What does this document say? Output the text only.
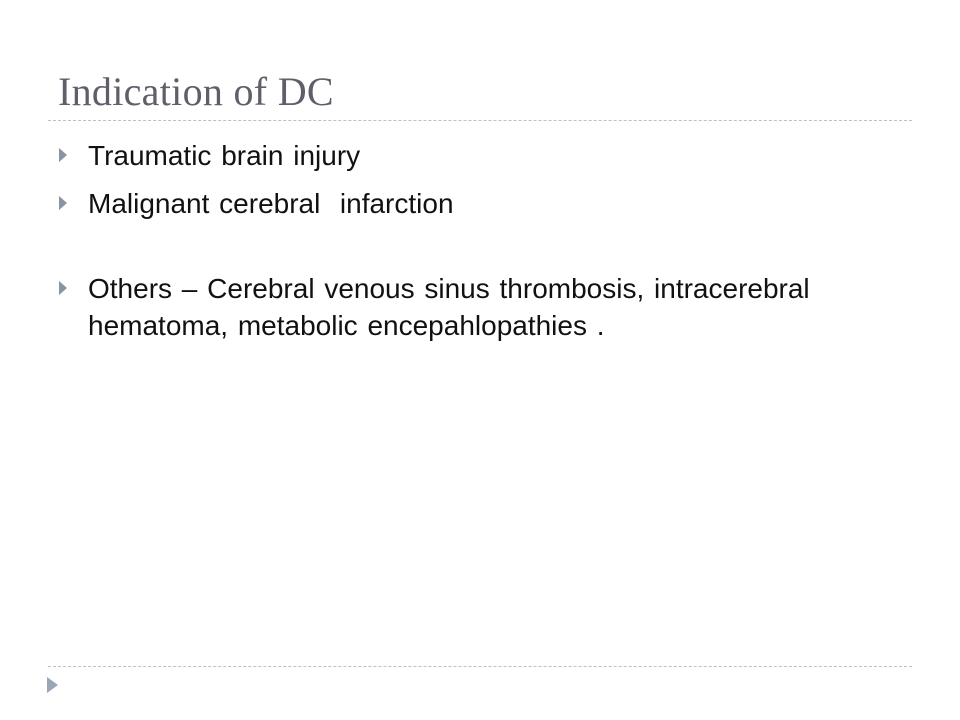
Indication of DC
Traumatic brain injury
Malignant cerebral  infarction
Others – Cerebral venous sinus thrombosis, intracerebral hematoma, metabolic encepahlopathies .
